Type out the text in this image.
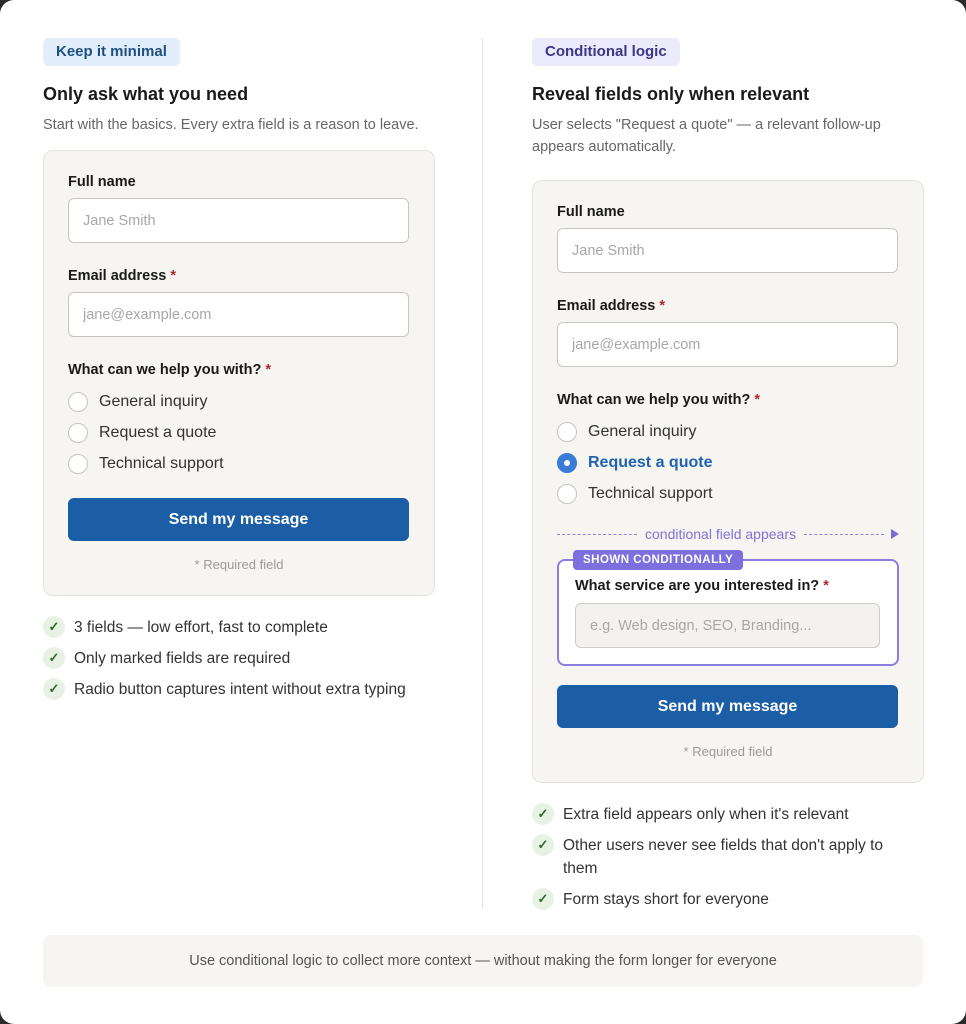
Keep it minimal
Only ask what you need
Start with the basics. Every extra field is a reason to leave.
Full name
Jane Smith
Email address *
jane@example.com
What can we help you with? *
General inquiry
Request a quote
Technical support
Send my message
* Required field
✓ 3 fields — low effort, fast to complete
✓ Only marked fields are required
✓ Radio button captures intent without extra typing
Conditional logic
Reveal fields only when relevant
User selects "Request a quote" — a relevant follow-up appears automatically.
Full name
Jane Smith
Email address *
jane@example.com
What can we help you with? *
General inquiry
Request a quote
Technical support
conditional field appears
SHOWN CONDITIONALLY
What service are you interested in? *
e.g. Web design, SEO, Branding...
Send my message
* Required field
✓ Extra field appears only when it's relevant
✓ Other users never see fields that don't apply to them
✓ Form stays short for everyone
Use conditional logic to collect more context — without making the form longer for everyone
